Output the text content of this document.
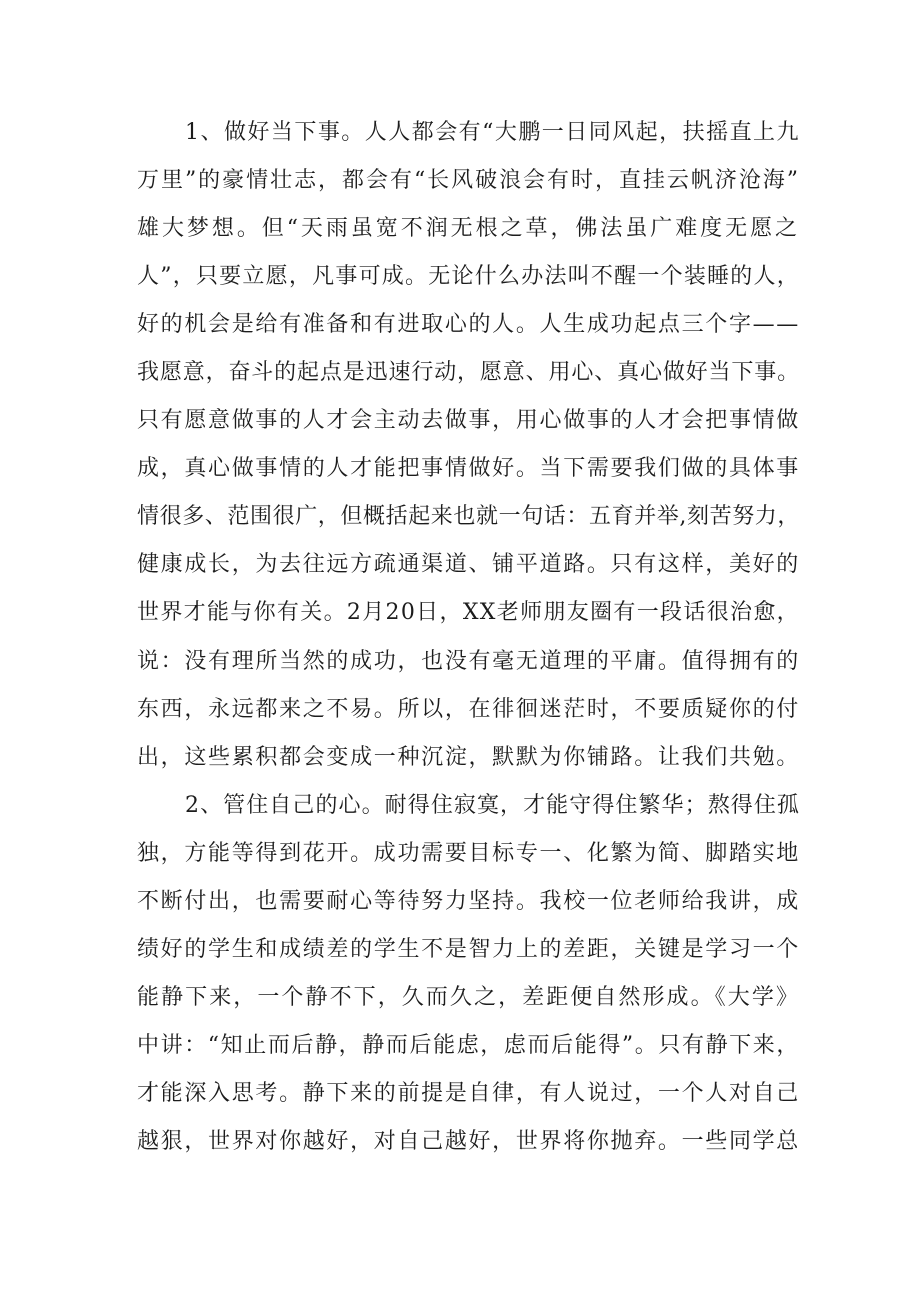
1、做好当下事。人人都会有“大鹏一日同风起，扶摇直上九
万里”的豪情壮志，都会有“长风破浪会有时，直挂云帆济沧海”
雄大梦想。但“天雨虽宽不润无根之草，佛法虽广难度无愿之
人”，只要立愿，凡事可成。无论什么办法叫不醒一个装睡的人，
好的机会是给有准备和有进取心的人。人生成功起点三个字——
我愿意，奋斗的起点是迅速行动，愿意、用心、真心做好当下事。
只有愿意做事的人才会主动去做事，用心做事的人才会把事情做
成，真心做事情的人才能把事情做好。当下需要我们做的具体事
情很多、范围很广，但概括起来也就一句话：五育并举,刻苦努力，
健康成长，为去往远方疏通渠道、铺平道路。只有这样，美好的
世界才能与你有关。2月20日，XX老师朋友圈有一段话很治愈，
说：没有理所当然的成功，也没有毫无道理的平庸。值得拥有的
东西，永远都来之不易。所以，在徘徊迷茫时，不要质疑你的付
出，这些累积都会变成一种沉淀，默默为你铺路。让我们共勉。
2、管住自己的心。耐得住寂寞，才能守得住繁华；熬得住孤
独，方能等得到花开。成功需要目标专一、化繁为简、脚踏实地
不断付出，也需要耐心等待努力坚持。我校一位老师给我讲，成
绩好的学生和成绩差的学生不是智力上的差距，关键是学习一个
能静下来，一个静不下，久而久之，差距便自然形成。《大学》
中讲：“知止而后静，静而后能虑，虑而后能得”。只有静下来，
才能深入思考。静下来的前提是自律，有人说过，一个人对自己
越狠，世界对你越好，对自己越好，世界将你抛弃。一些同学总
